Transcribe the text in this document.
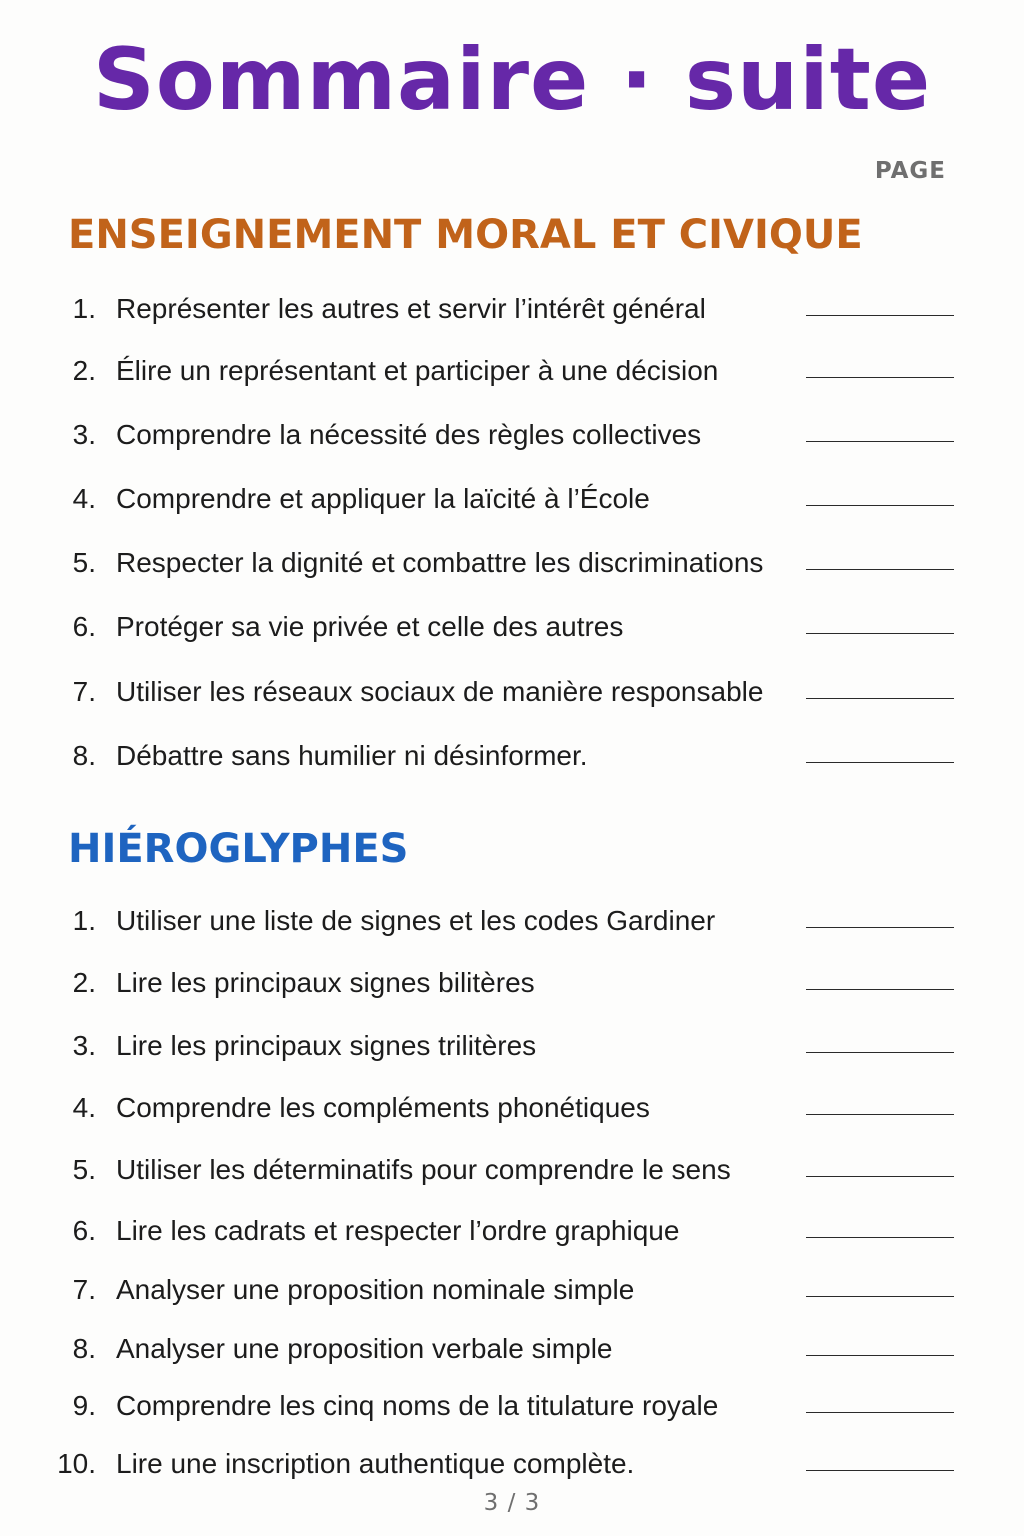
Sommaire · suite
PAGE
ENSEIGNEMENT MORAL ET CIVIQUE
1. Représenter les autres et servir l’intérêt général
2. Élire un représentant et participer à une décision
3. Comprendre la nécessité des règles collectives
4. Comprendre et appliquer la laïcité à l’École
5. Respecter la dignité et combattre les discriminations
6. Protéger sa vie privée et celle des autres
7. Utiliser les réseaux sociaux de manière responsable
8. Débattre sans humilier ni désinformer.
HIÉROGLYPHES
1. Utiliser une liste de signes et les codes Gardiner
2. Lire les principaux signes bilitères
3. Lire les principaux signes trilitères
4. Comprendre les compléments phonétiques
5. Utiliser les déterminatifs pour comprendre le sens
6. Lire les cadrats et respecter l’ordre graphique
7. Analyser une proposition nominale simple
8. Analyser une proposition verbale simple
9. Comprendre les cinq noms de la titulature royale
10. Lire une inscription authentique complète.
3 / 3
